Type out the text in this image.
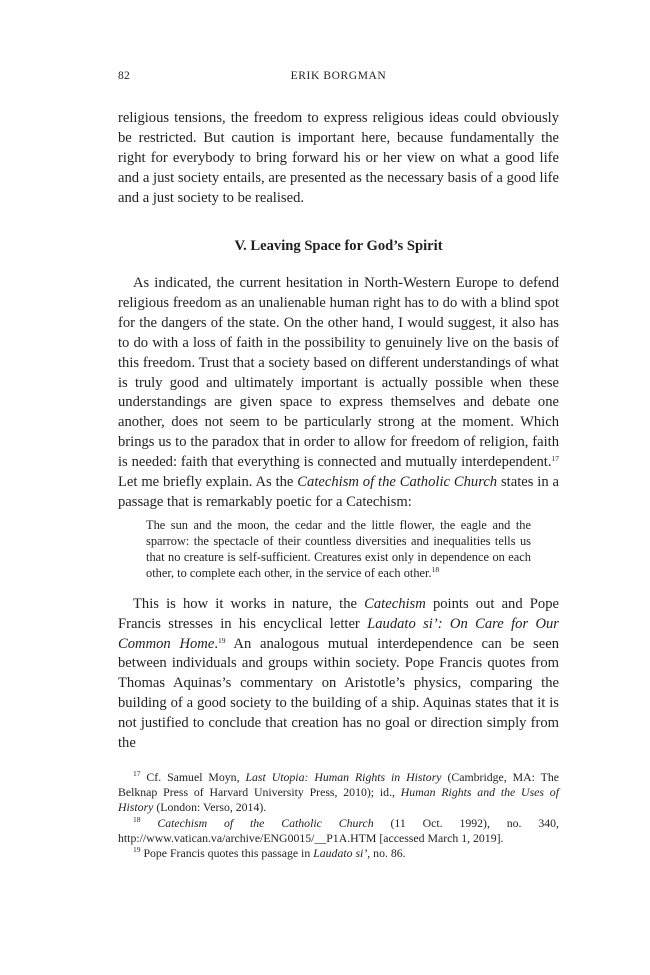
82	ERIK BORGMAN

religious tensions, the freedom to express religious ideas could obviously be restricted. But caution is important here, because fundamentally the right for everybody to bring forward his or her view on what a good life and a just society entails, are presented as the necessary basis of a good life and a just society to be realised.

V. Leaving Space for God’s Spirit

As indicated, the current hesitation in North-Western Europe to defend religious freedom as an unalienable human right has to do with a blind spot for the dangers of the state. On the other hand, I would suggest, it also has to do with a loss of faith in the possibility to genuinely live on the basis of this freedom. Trust that a society based on different understandings of what is truly good and ultimately important is actually possible when these understandings are given space to express themselves and debate one another, does not seem to be particularly strong at the moment. Which brings us to the paradox that in order to allow for freedom of religion, faith is needed: faith that everything is connected and mutually interdependent.$^{17}$ Let me briefly explain. As the Catechism of the Catholic Church states in a passage that is remarkably poetic for a Catechism:

The sun and the moon, the cedar and the little flower, the eagle and the sparrow: the spectacle of their countless diversities and inequalities tells us that no creature is self-sufficient. Creatures exist only in dependence on each other, to complete each other, in the service of each other.$^{18}$

This is how it works in nature, the Catechism points out and Pope Francis stresses in his encyclical letter Laudato si’: On Care for Our Common Home.$^{19}$ An analogous mutual interdependence can be seen between individuals and groups within society. Pope Francis quotes from Thomas Aquinas’s commentary on Aristotle’s physics, comparing the building of a good society to the building of a ship. Aquinas states that it is not justified to conclude that creation has no goal or direction simply from the

$^{17}$ Cf. Samuel Moyn, Last Utopia: Human Rights in History (Cambridge, MA: The Belknap Press of Harvard University Press, 2010); id., Human Rights and the Uses of History (London: Verso, 2014).

$^{18}$ Catechism of the Catholic Church (11 Oct. 1992), no. 340, http://www.vatican.va/archive/ENG0015/__P1A.HTM [accessed March 1, 2019].

$^{19}$ Pope Francis quotes this passage in Laudato si’, no. 86.
